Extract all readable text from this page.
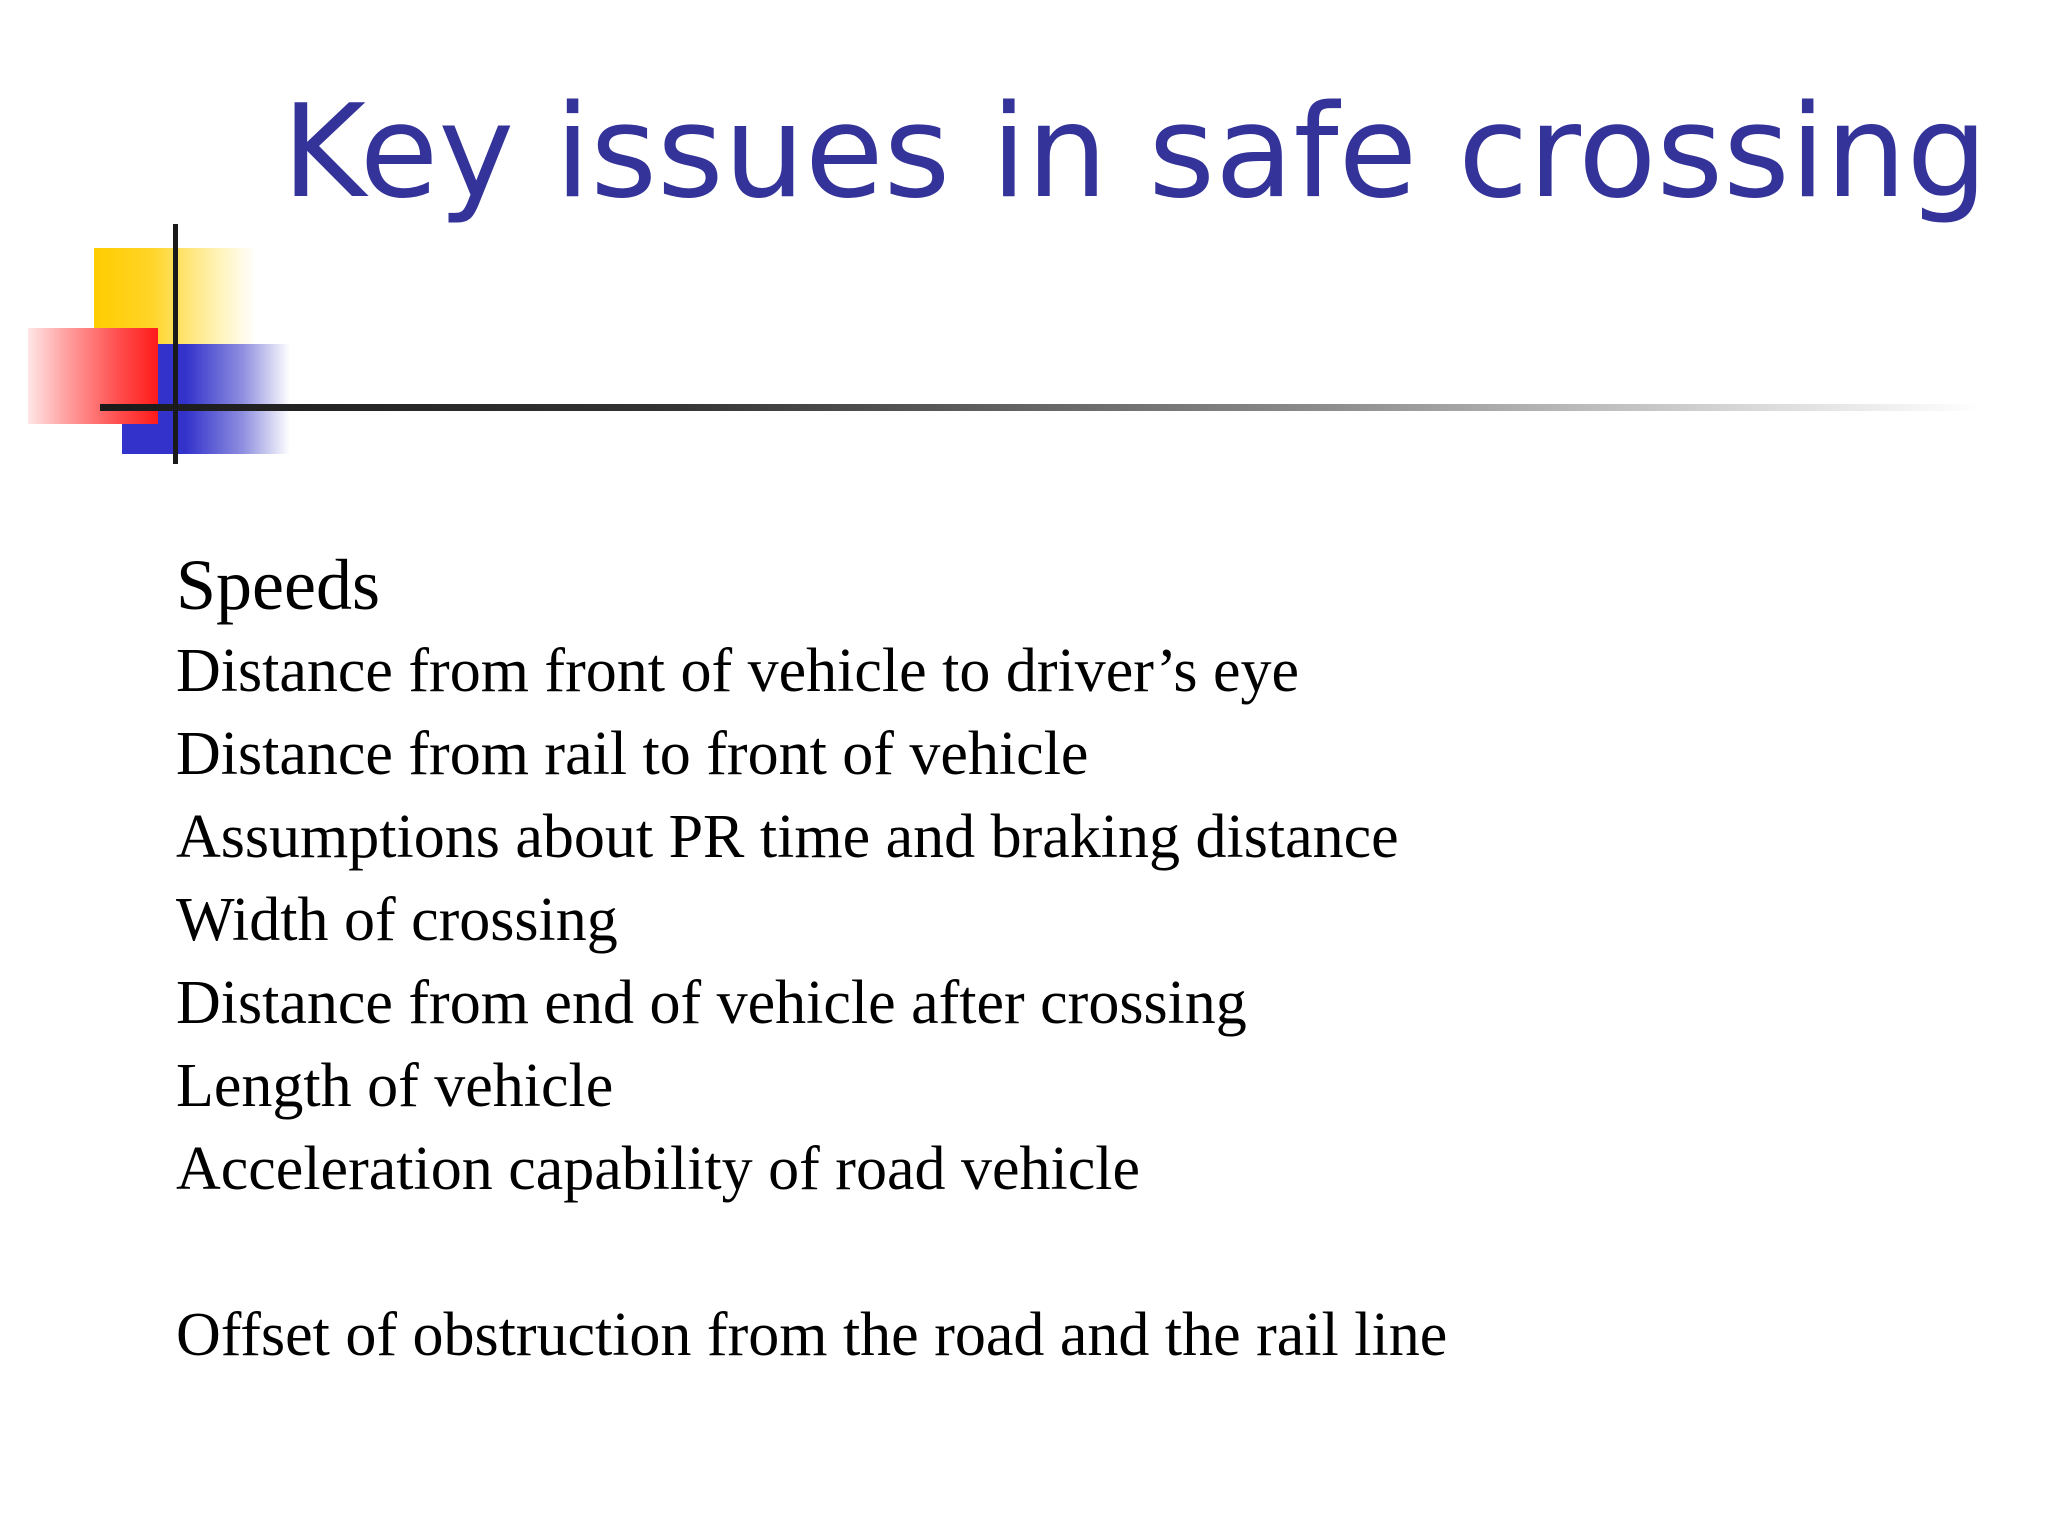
Key issues in safe crossing
Speeds
Distance from front of vehicle to driver’s eye
Distance from rail to front of vehicle
Assumptions about PR time and braking distance
Width of crossing
Distance from end of vehicle after crossing
Length of vehicle
Acceleration capability of road vehicle
Offset of obstruction from the road and the rail line
